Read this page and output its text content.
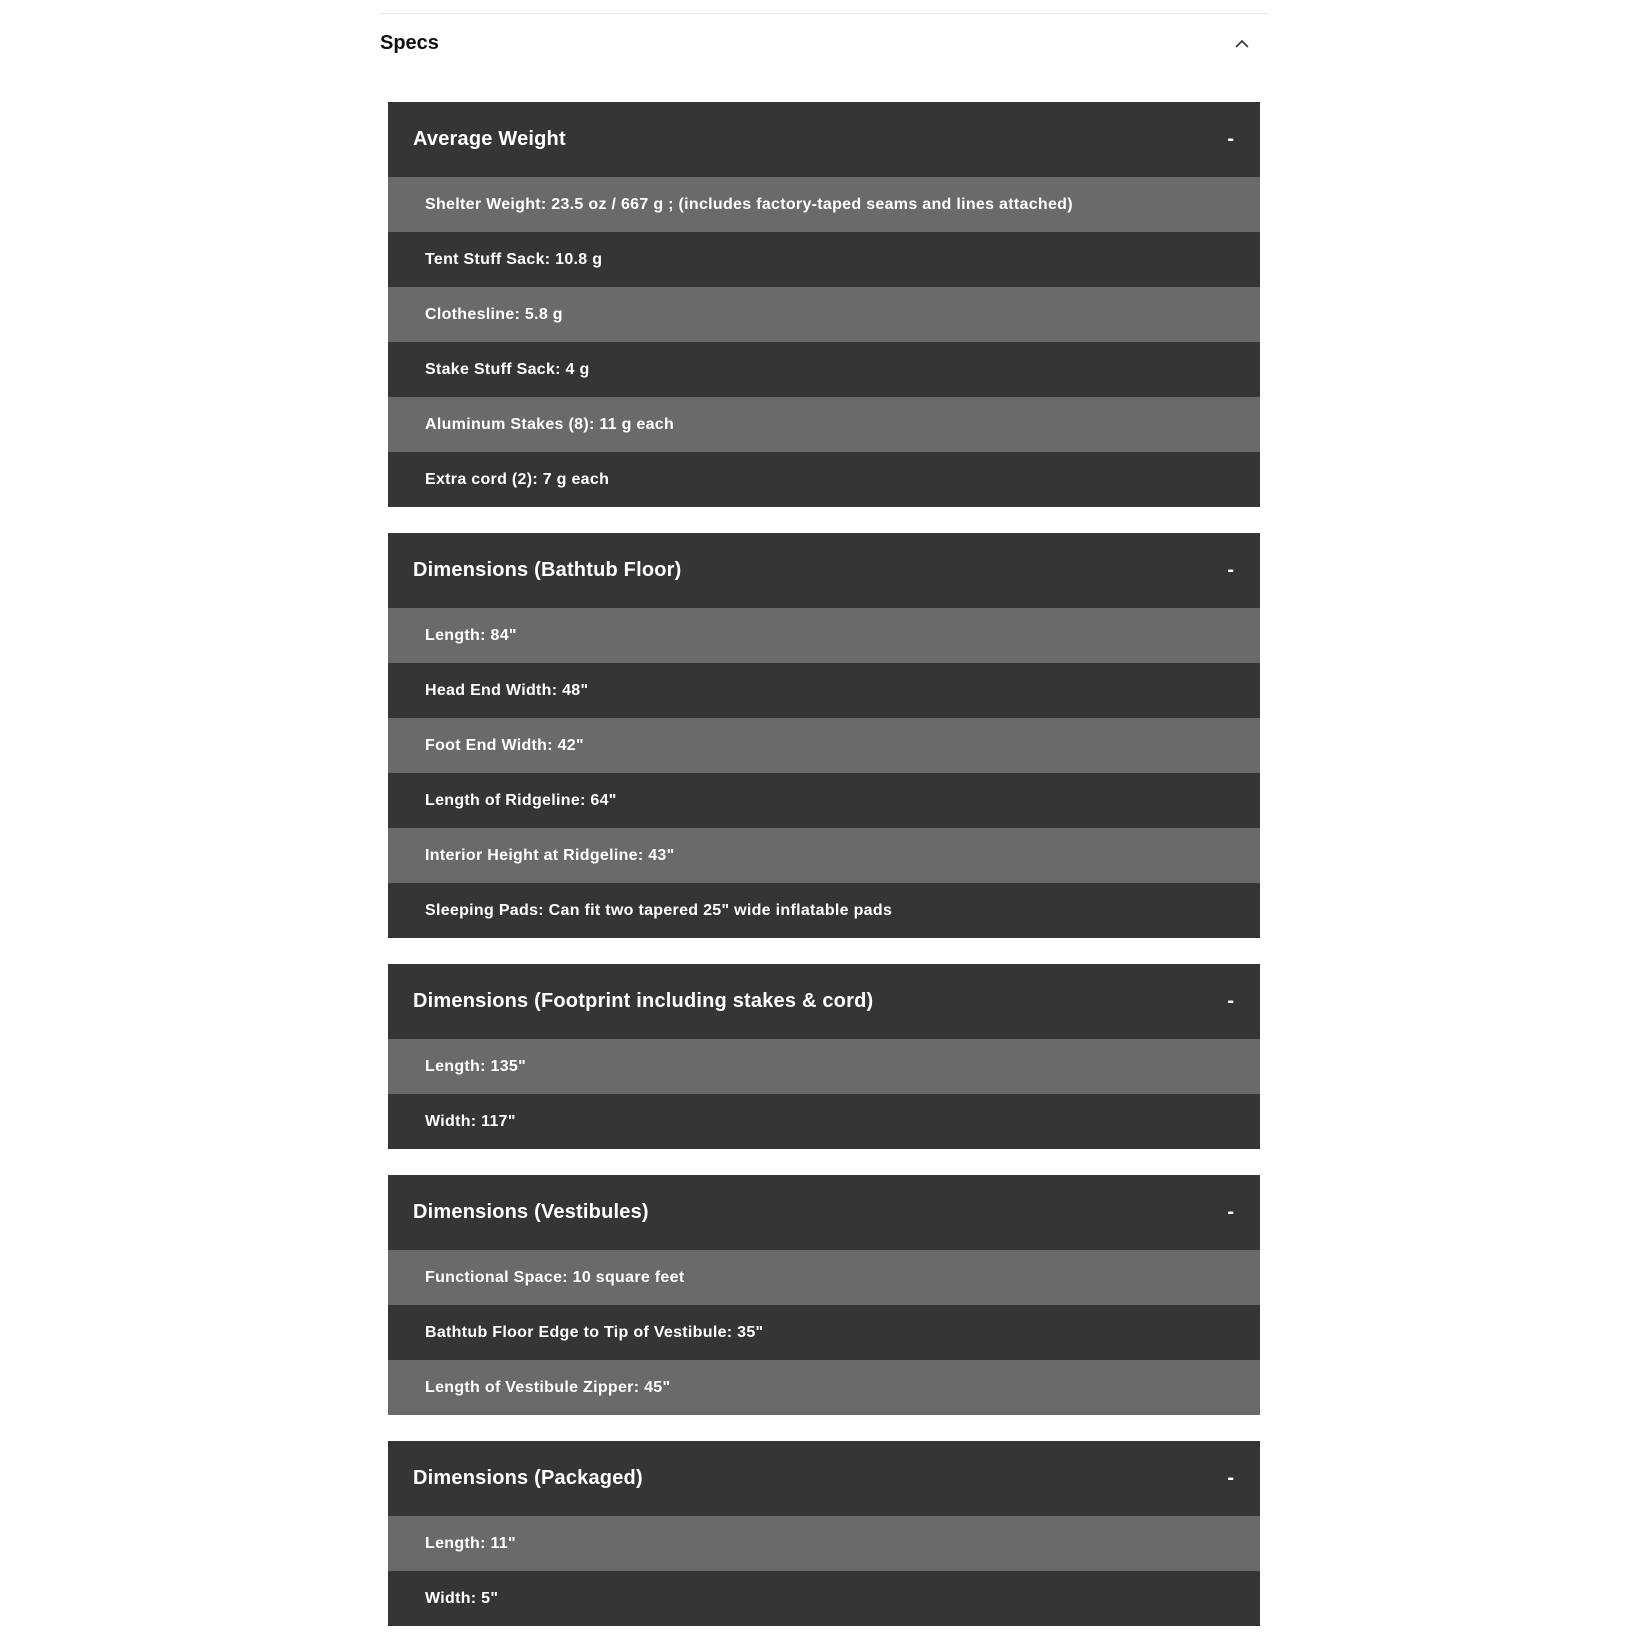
Specs
Average Weight	-
Shelter Weight: 23.5 oz / 667 g ; (includes factory-taped seams and lines attached)
Tent Stuff Sack: 10.8 g
Clothesline: 5.8 g
Stake Stuff Sack: 4 g
Aluminum Stakes (8): 11 g each
Extra cord (2): 7 g each
Dimensions (Bathtub Floor)	-
Length: 84"
Head End Width: 48"
Foot End Width: 42"
Length of Ridgeline: 64"
Interior Height at Ridgeline: 43"
Sleeping Pads: Can fit two tapered 25" wide inflatable pads
Dimensions (Footprint including stakes & cord)	-
Length: 135"
Width: 117"
Dimensions (Vestibules)	-
Functional Space: 10 square feet
Bathtub Floor Edge to Tip of Vestibule: 35"
Length of Vestibule Zipper: 45"
Dimensions (Packaged)	-
Length: 11"
Width: 5"
